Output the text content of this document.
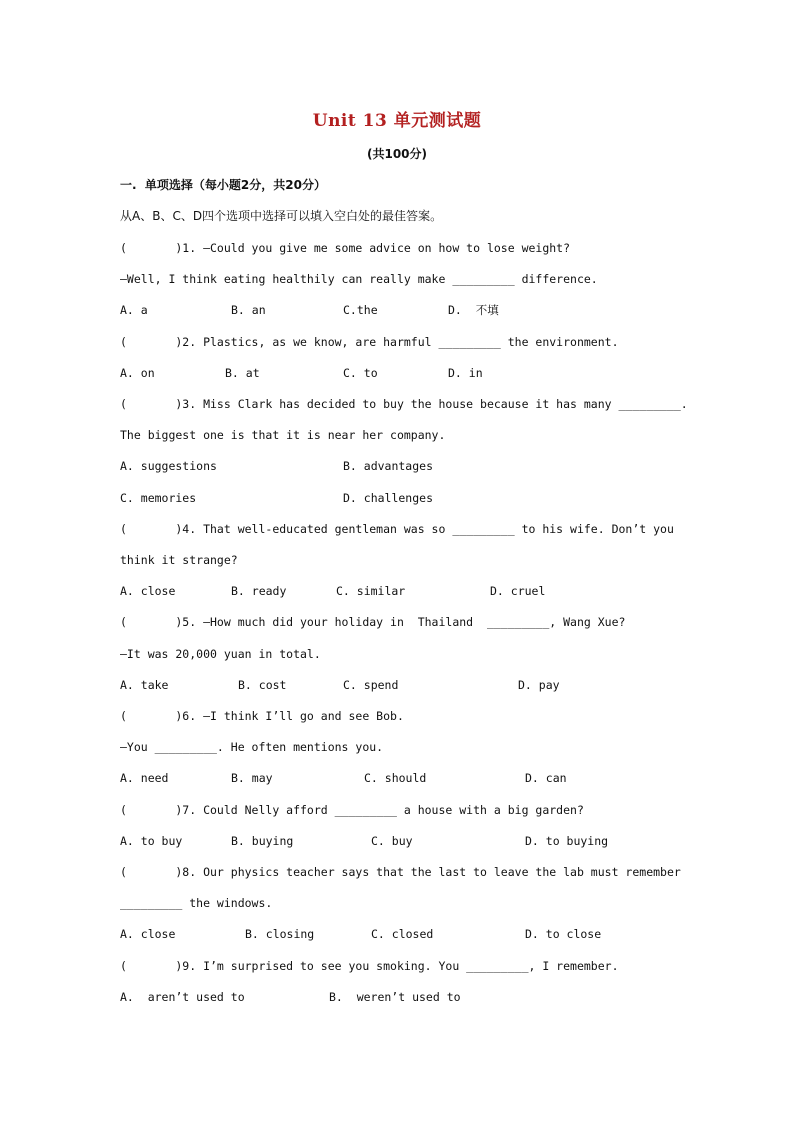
Unit 13 单元测试题
(共100分)
一.  单项选择（每小题2分，共20分）
从A、B、C、D四个选项中选择可以填入空白处的最佳答案。
(       )1. —Could you give me some advice on how to lose weight?
—Well, I think eating healthily can really make _________ difference.

A. a

	B. an

	C.the

	D.  不填

(       )2. Plastics, as we know, are harmful _________ the environment.

A. on

	B. at

	C. to

	D. in

(       )3. Miss Clark has decided to buy the house because it has many _________.
The biggest one is that it is near her company.

A. suggestions

	B. advantages

C. memories

	D. challenges

(       )4. That well-educated gentleman was so _________ to his wife. Don’t you
think it strange?

A. close

	B. ready

	C. similar

	D. cruel

(       )5. —How much did your holiday in  Thailand  _________, Wang Xue?
—It was 20,000 yuan in total.

A. take

	B. cost

	C. spend

	D. pay

(       )6. —I think I’ll go and see Bob.
—You _________. He often mentions you.

A. need

	B. may

	C. should

	D. can

(       )7. Could Nelly afford _________ a house with a big garden?

A. to buy

	B. buying

	C. buy

	D. to buying

(       )8. Our physics teacher says that the last to leave the lab must remember
_________ the windows.

A. close

	B. closing

	C. closed

	D. to close

(       )9. I’m surprised to see you smoking. You _________, I remember.

A.  aren’t used to

	B.  weren’t used to
